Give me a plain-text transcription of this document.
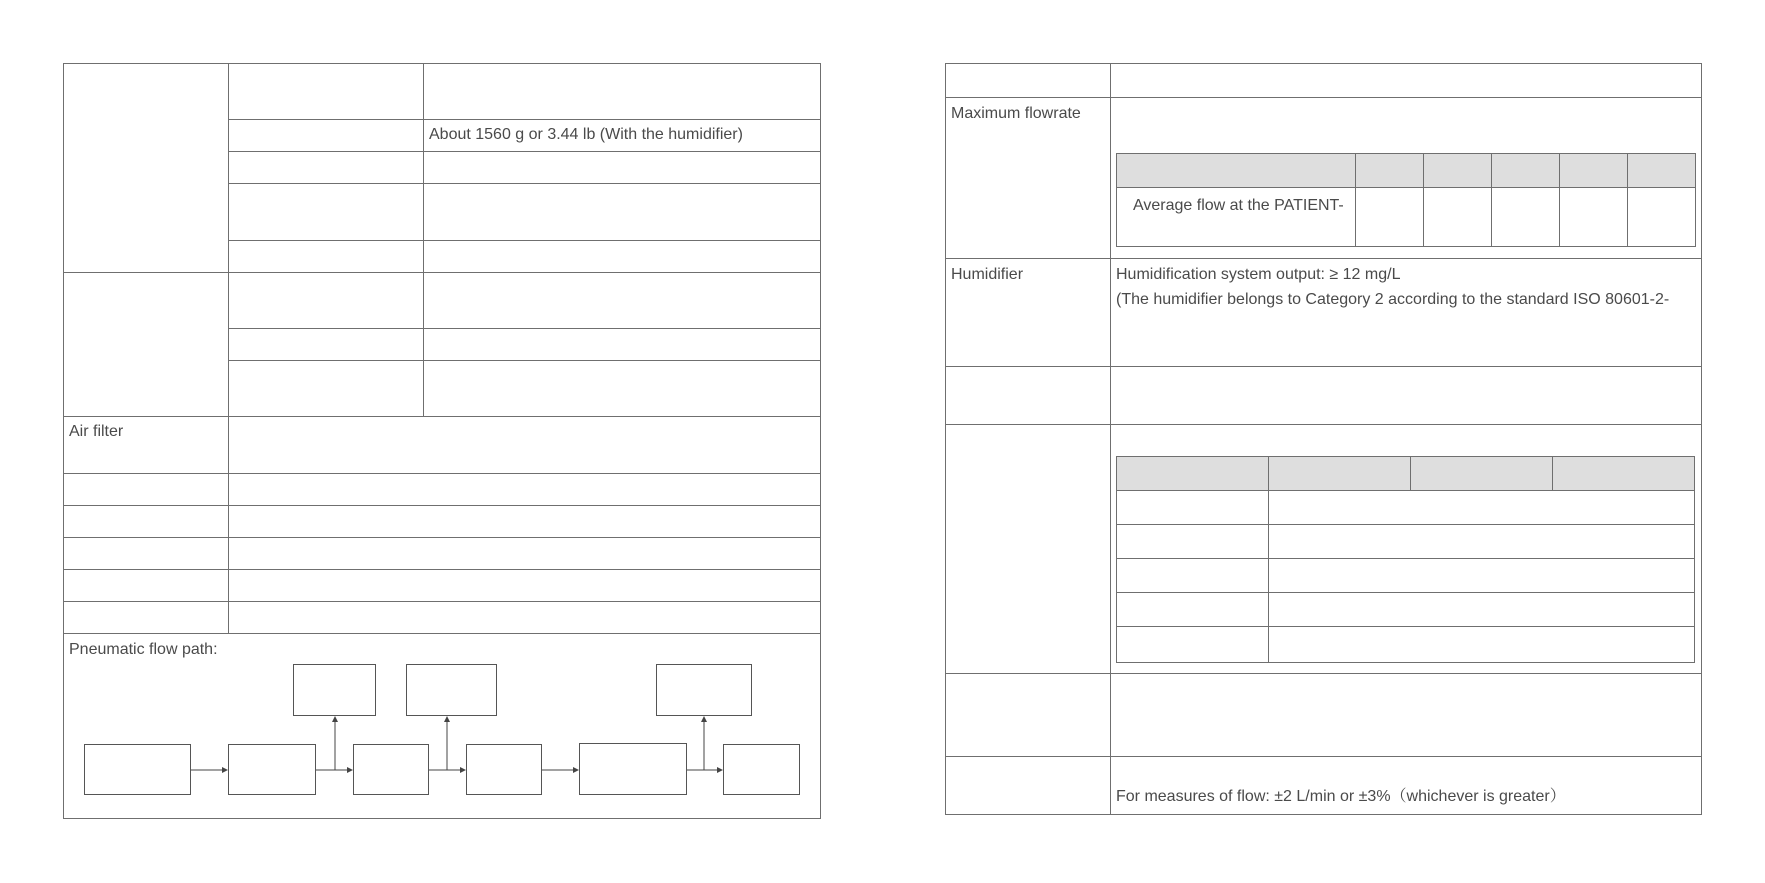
About 1560 g or 3.44 lb (With the humidifier)
Air filter
Pneumatic flow path:
Maximum flowrate
Average flow at the PATIENT-
Humidifier	Humidification system output: ≥ 12 mg/L
(The humidifier belongs to Category 2 according to the standard ISO 80601-2-
For measures of flow: ±2 L/min or ±3%（whichever is greater）
